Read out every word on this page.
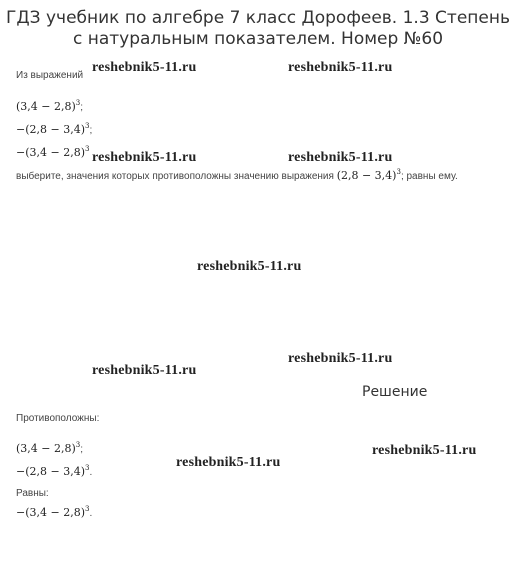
ГДЗ учебник по алгебре 7 класс Дорофеев. 1.3 Степень с натуральным показателем. Номер №60
Из выражений
$(3,4 - 2,8)^3$;
$-(2,8 - 3,4)^3$;
$-(3,4 - 2,8)^3$
выберите, значения которых противоположны значению выражения $(2,8 - 3,4)^3$; равны ему.
reshebnik5-11.ru	reshebnik5-11.ru
reshebnik5-11.ru	reshebnik5-11.ru
reshebnik5-11.ru
reshebnik5-11.ru
reshebnik5-11.ru
reshebnik5-11.ru
reshebnik5-11.ru
Решение
Противоположны:
$(3,4 - 2,8)^3$;
$-(2,8 - 3,4)^3$.
Равны:
$-(3,4 - 2,8)^3$.
